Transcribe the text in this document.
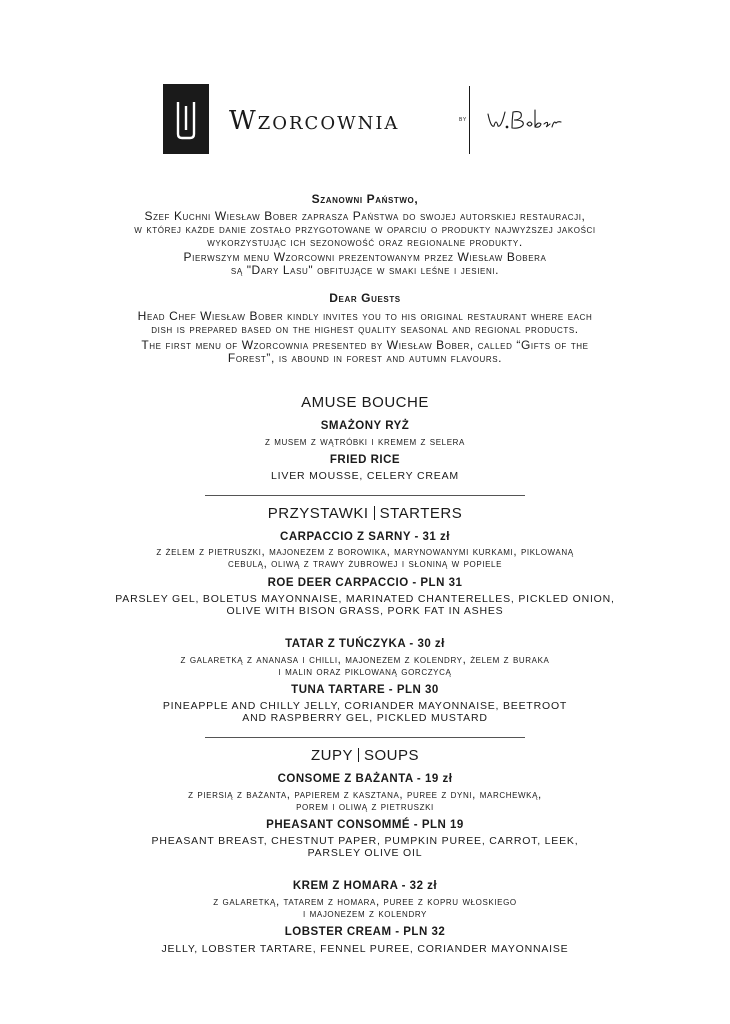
Wzorcownia	BY

Szanowni Państwo,

Szef Kuchni Wiesław Bober zaprasza Państwa do swojej autorskiej restauracji,

w której każde danie zostało przygotowane w oparciu o produkty najwyższej jakości

wykorzystując ich sezonowość oraz regionalne produkty.

Pierwszym menu Wzorcowni prezentowanym przez Wiesław Bobera

są "Dary Lasu" obfitujące w smaki leśne i jesieni.

Dear Guests

Head Chef Wiesław Bober kindly invites you to his original restaurant where each

dish is prepared based on the highest quality seasonal and regional products.

The first menu of Wzorcownia presented by Wiesław Bober, called “Gifts of the

Forest”, is abound in forest and autumn flavours.

AMUSE BOUCHE
SMAŻONY RYŻ
z musem z wątróbki i kremem z selera
FRIED RICE
LIVER MOUSSE, CELERY CREAM
PRZYSTAWKI STARTERS
CARPACCIO Z SARNY - 31 zł
z żelem z pietruszki, majonezem z borowika, marynowanymi kurkami, piklowaną
cebulą, oliwą z trawy żubrowej i słoniną w popiele
ROE DEER CARPACCIO - PLN 31
PARSLEY GEL, BOLETUS MAYONNAISE, MARINATED CHANTERELLES, PICKLED ONION,
OLIVE WITH BISON GRASS, PORK FAT IN ASHES
TATAR Z TUŃCZYKA - 30 zł
z galaretką z ananasa i chilli, majonezem z kolendry, żelem z buraka
i malin oraz piklowaną gorczycą
TUNA TARTARE - PLN 30
PINEAPPLE AND CHILLY JELLY, CORIANDER MAYONNAISE, BEETROOT
AND RASPBERRY GEL, PICKLED MUSTARD
ZUPY SOUPS
CONSOME Z BAŻANTA - 19 zł
z piersią z bażanta, papierem z kasztana, puree z dyni, marchewką,
porem i oliwą z pietruszki
PHEASANT CONSOMMÉ - PLN 19
PHEASANT BREAST, CHESTNUT PAPER, PUMPKIN PUREE, CARROT, LEEK,
PARSLEY OLIVE OIL
KREM Z HOMARA - 32 zł
z galaretką, tatarem z homara, puree z kopru włoskiego
i majonezem z kolendry
LOBSTER CREAM - PLN 32
JELLY, LOBSTER TARTARE, FENNEL PUREE, CORIANDER MAYONNAISE
